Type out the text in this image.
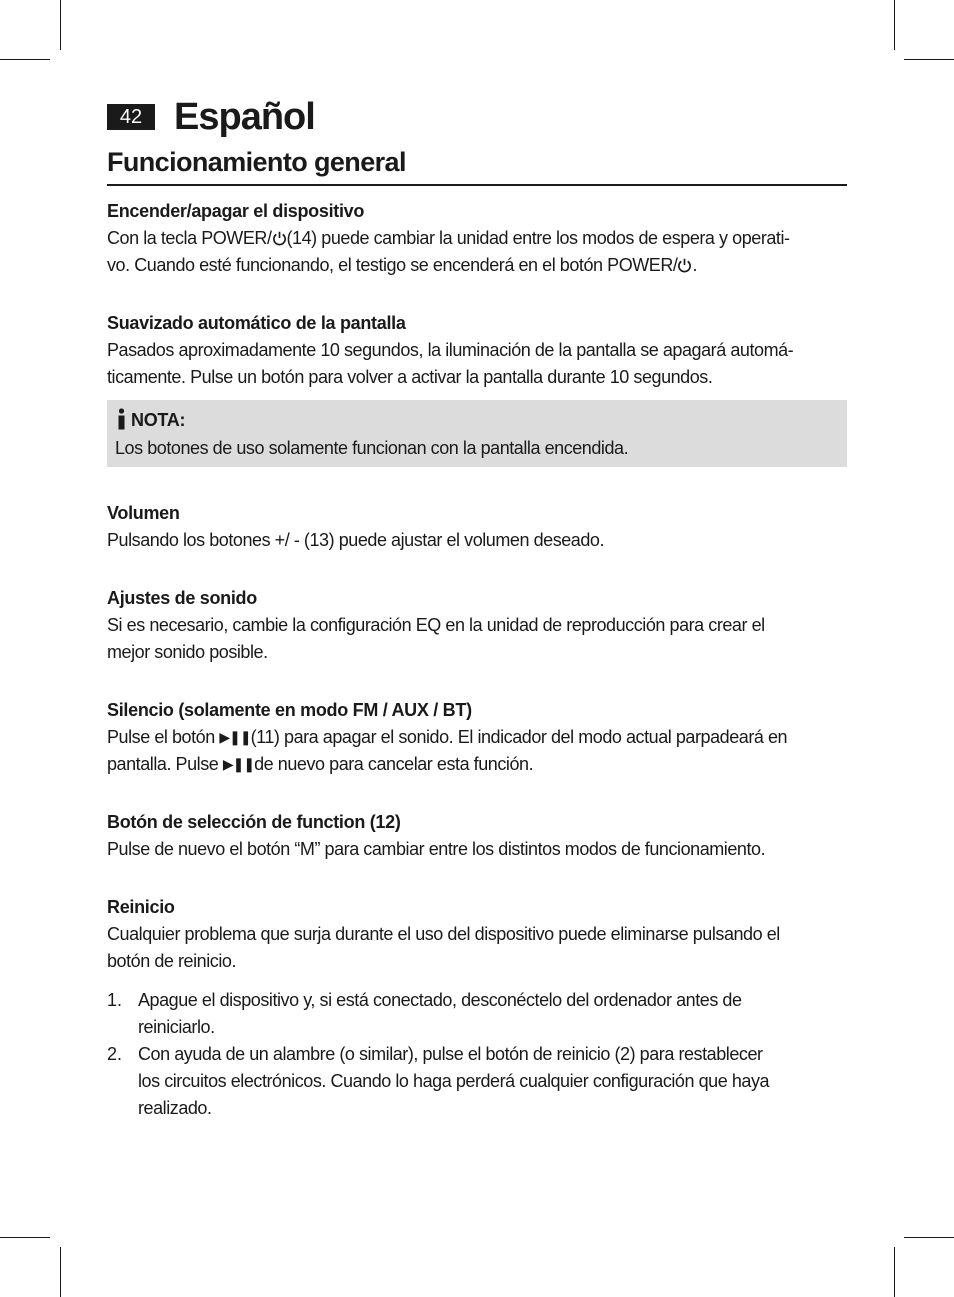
42 Español
Funcionamiento general
Encender/apagar el dispositivo
Con la tecla POWER/ (14) puede cambiar la unidad entre los modos de espera y operati-
vo. Cuando esté funcionando, el testigo se encenderá en el botón POWER/ .
Suavizado automático de la pantalla
Pasados aproximadamente 10 segundos, la iluminación de la pantalla se apagará automá-
ticamente. Pulse un botón para volver a activar la pantalla durante 10 segundos.
NOTA:
Los botones de uso solamente funcionan con la pantalla encendida.
Volumen
Pulsando los botones +/ - (13) puede ajustar el volumen deseado.
Ajustes de sonido
Si es necesario, cambie la configuración EQ en la unidad de reproducción para crear el
mejor sonido posible.
Silencio (solamente en modo FM / AUX / BT)
Pulse el botón ▶❚❚(11) para apagar el sonido. El indicador del modo actual parpadeará en
pantalla. Pulse ▶❚❚de nuevo para cancelar esta función.
Botón de selección de function (12)
Pulse de nuevo el botón “M” para cambiar entre los distintos modos de funcionamiento.
Reinicio
Cualquier problema que surja durante el uso del dispositivo puede eliminarse pulsando el
botón de reinicio.
1. Apague el dispositivo y, si está conectado, desconéctelo del ordenador antes de
reiniciarlo.
2. Con ayuda de un alambre (o similar), pulse el botón de reinicio (2) para restablecer
los circuitos electrónicos. Cuando lo haga perderá cualquier configuración que haya
realizado.
